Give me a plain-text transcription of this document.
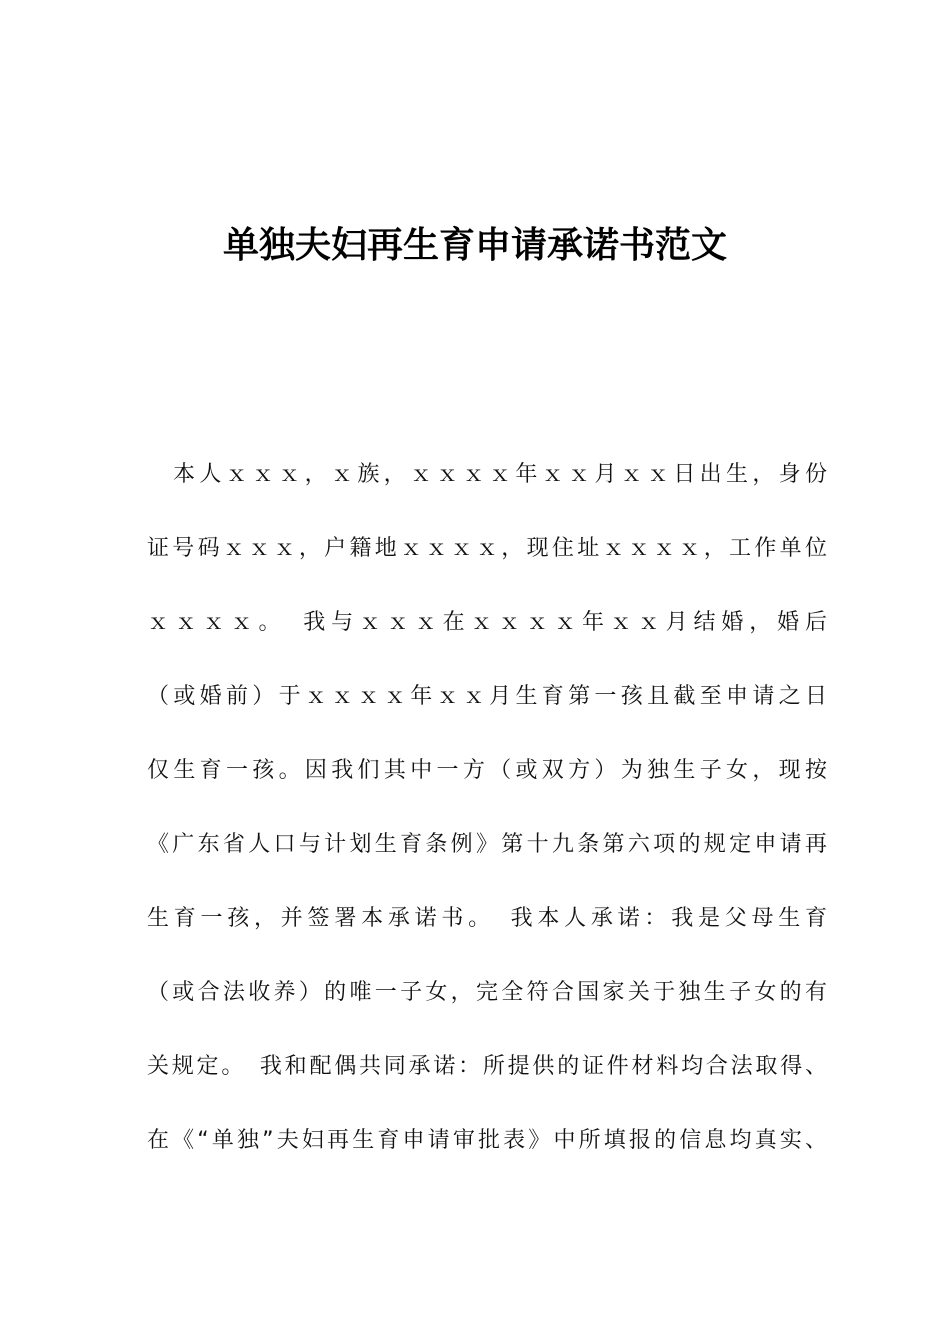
单独夫妇再生育申请承诺书范文
本人ｘｘｘ，ｘ族，ｘｘｘｘ年ｘｘ月ｘｘ日出生，身份
证号码ｘｘｘ，户籍地ｘｘｘｘ，现住址ｘｘｘｘ，工作单位
ｘｘｘｘ。　我与ｘｘｘ在ｘｘｘｘ年ｘｘ月结婚，婚后
（或婚前）于ｘｘｘｘ年ｘｘ月生育第一孩且截至申请之日
仅生育一孩。因我们其中一方（或双方）为独生子女，现按
《广东省人口与计划生育条例》第十九条第六项的规定申请再
生育一孩，并签署本承诺书。　我本人承诺：我是父母生育
（或合法收养）的唯一子女，完全符合国家关于独生子女的有
关规定。　我和配偶共同承诺：所提供的证件材料均合法取得、
在《“单独”夫妇再生育申请审批表》中所填报的信息均真实、
